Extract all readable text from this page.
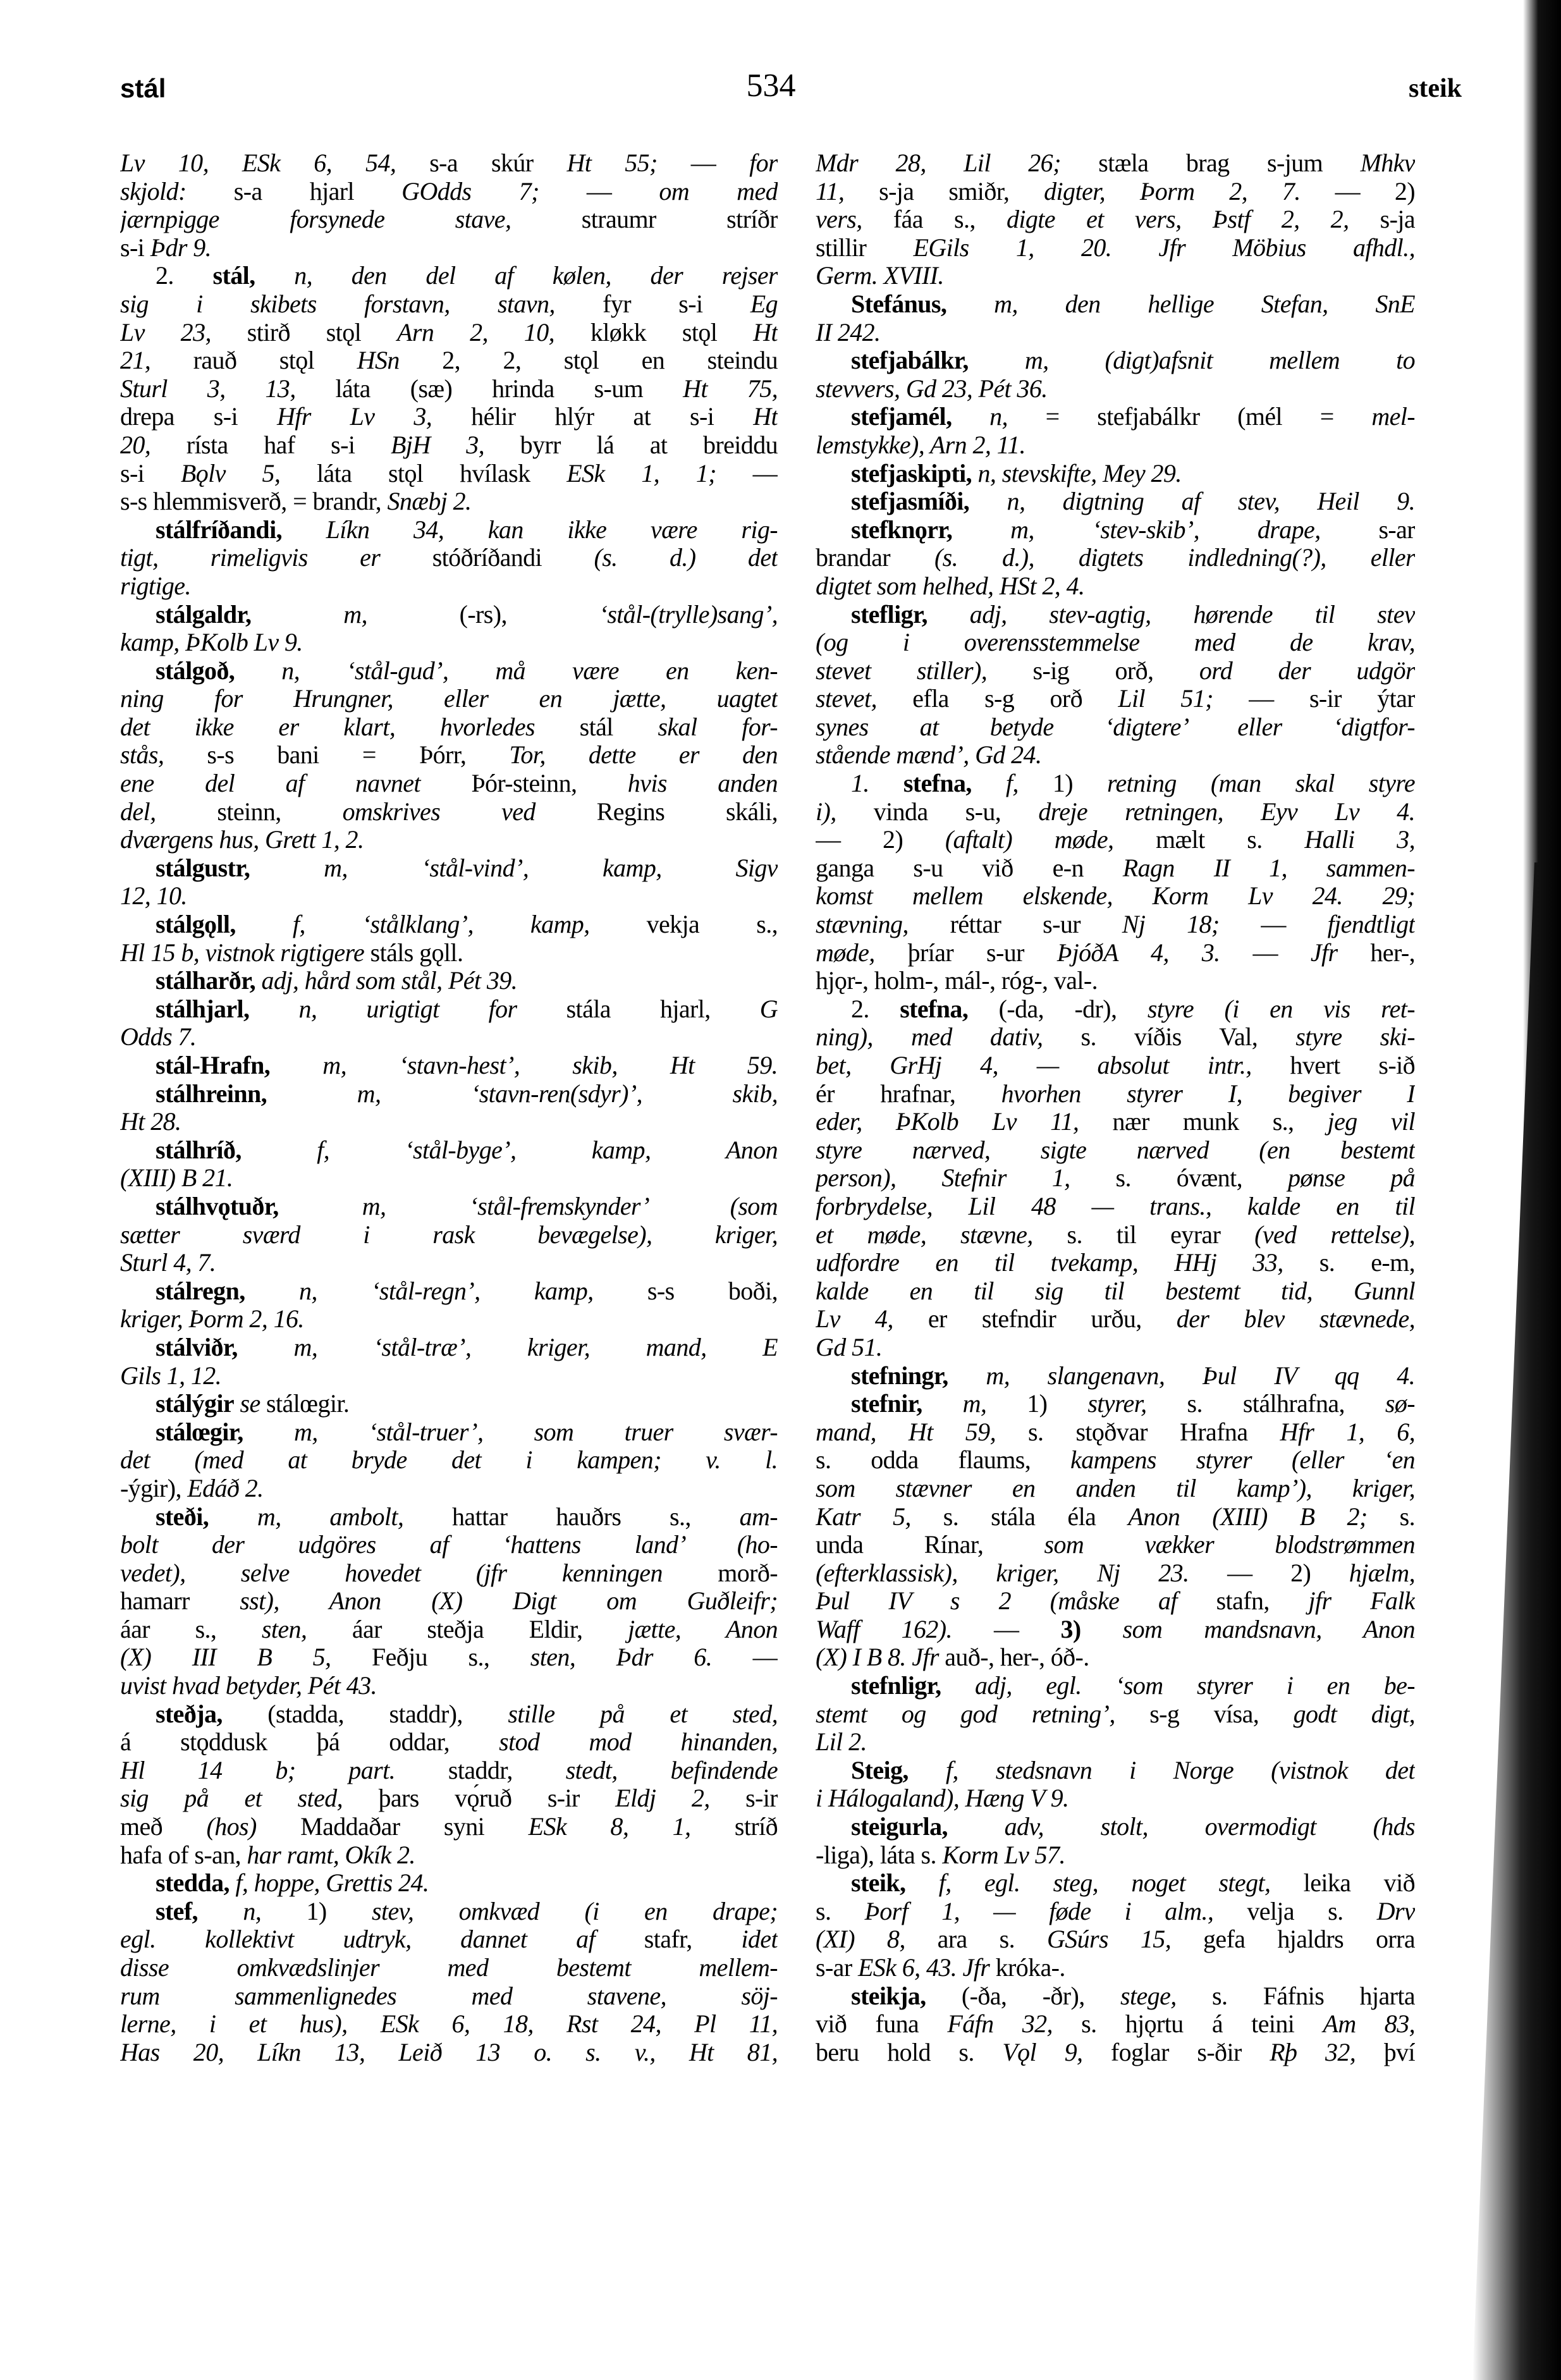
stál	534	steik
Lv 10, ESk 6, 54, s-a skúr Ht 55; — for
skjold: s-a hjarl GOdds 7; — om med
jærnpigge forsynede stave, straumr stríðr
s-i Þdr 9.
2. stál, n, den del af kølen, der rejser
sig i skibets forstavn, stavn, fyr s-i Eg
Lv 23, stirð stǫl Arn 2, 10, kløkk stǫl Ht
21, rauð stǫl HSn 2, 2, stǫl en steindu
Sturl 3, 13, láta (sæ) hrinda s-um Ht 75,
drepa s-i Hfr Lv 3, hélir hlýr at s-i Ht
20, rísta haf s-i BjH 3, byrr lá at breiddu
s-i Bǫlv 5, láta stǫl hvílask ESk 1, 1; —
s-s hlemmisverð, = brandr, Snæbj 2.
stálfríðandi, Líkn 34, kan ikke være rig-
tigt, rimeligvis er stóðríðandi (s. d.) det
rigtige.
stálgaldr,	m, (-rs), ‘stål-(trylle)sang’,
kamp, ÞKolb Lv 9.
stálgoð, n, ‘stål-gud’, må være en ken-
ning for Hrungner, eller en jætte, uagtet
det ikke er klart, hvorledes stál skal for-
stås, s-s bani = Þórr, Tor, dette er den
ene del af navnet Þór-steinn, hvis anden
del, steinn, omskrives ved Regins skáli,
dværgens hus, Grett 1, 2.
stálgustr,	m, ‘stål-vind’, kamp, Sigv
12, 10.
stálgǫll, f, ‘stålklang’, kamp, vekja s.,
Hl 15 b, vistnok rigtigere stáls gǫll.
stálharðr, adj, hård som stål, Pét 39.
stálhjarl, n, urigtigt for stála hjarl, G
Odds 7.
stál-Hrafn, m, ‘stavn-hest’, skib, Ht 59.
stálhreinn,	m, ‘stavn-ren(sdyr)’, skib,
Ht 28.
stálhríð,	f, ‘stål-byge’, kamp, Anon
(XIII) B 21.
stálhvǫtuðr,	m, ‘stål-fremskynder’ (som
sætter sværd i rask bevægelse), kriger,
Sturl 4, 7.
stálregn, n, ‘stål-regn’, kamp, s-s boði,
kriger, Þorm 2, 16.
stálviðr, m, ‘stål-træ’, kriger, mand, E
Gils 1, 12.
stálýgir se stálœgir.
stálœgir, m, ‘stål-truer’, som truer svær-
det (med at bryde det i kampen; v. l.
-ýgir), Edáð 2.
steði, m, ambolt, hattar hauðrs s., am-
bolt der udgöres af ‘hattens land’ (ho-
vedet), selve hovedet (jfr kenningen morð-
hamarr sst), Anon (X) Digt om Guðleifr;
áar s., sten, áar steðja Eldir, jætte, Anon
(X) III B 5, Feðju s., sten, Þdr 6. —
uvist hvad betyder, Pét 43.
steðja, (stadda, staddr), stille på et sted,
á stǫddusk þá oddar, stod mod hinanden,
Hl 14 b; part. staddr, stedt, befindende
sig på et sted, þars vǫ́ruð s-ir Eldj 2, s-ir
með (hos) Maddaðar syni ESk 8, 1, stríð
hafa of s-an, har ramt, Okík 2.
stedda, f, hoppe, Grettis 24.
stef, n, 1) stev, omkvæd (i en drape;
egl. kollektivt udtryk, dannet af stafr, idet
disse omkvædslinjer med bestemt mellem-
rum sammenlignedes med stavene, söj-
lerne, i et hus), ESk 6, 18, Rst 24, Pl 11,
Has 20, Líkn 13, Leið 13 o. s. v., Ht 81,
Mdr 28, Lil 26; stæla brag s-jum Mhkv
11, s-ja smiðr, digter, Þorm 2, 7. — 2)
vers, fáa s., digte et vers, Þstf 2, 2, s-ja
stillir EGils 1, 20. Jfr Möbius afhdl.,
Germ. XVIII.
Stefánus, m, den hellige Stefan, SnE
II 242.
stefjabálkr, m, (digt)afsnit mellem to
stevvers, Gd 23, Pét 36.
stefjamél, n, = stefjabálkr (mél = mel-
lemstykke), Arn 2, 11.
stefjaskipti, n, stevskifte, Mey 29.
stefjasmíði, n, digtning af stev, Heil 9.
stefknǫrr, m, ‘stev-skib’, drape, s-ar
brandar (s. d.), digtets indledning(?), eller
digtet som helhed, HSt 2, 4.
stefligr, adj, stev-agtig, hørende til stev
(og i overensstemmelse med de krav,
stevet stiller), s-ig orð, ord der udgör
stevet, efla s-g orð Lil 51; — s-ir ýtar
synes at betyde ‘digtere’ eller ‘digtfor-
stående mænd’, Gd 24.
1. stefna, f, 1) retning (man skal styre
i), vinda s-u, dreje retningen, Eyv Lv 4.
— 2) (aftalt) møde, mælt s. Halli 3,
ganga s-u við e-n Ragn II 1, sammen-
komst mellem elskende, Korm Lv 24. 29;
stævning, réttar s-ur Nj 18; — fjendtligt
møde, þríar s-ur ÞjóðA 4, 3. — Jfr her-,
hjǫr-, holm-, mál-, róg-, val-.
2. stefna, (-da, -dr), styre (i en vis ret-
ning), med dativ, s. víðis Val, styre ski-
bet, GrHj 4, — absolut intr., hvert s-ið
ér hrafnar, hvorhen styrer I, begiver I
eder, ÞKolb Lv 11, nær munk s., jeg vil
styre nærved, sigte nærved (en bestemt
person), Stefnir 1, s. óvænt, pønse på
forbrydelse, Lil 48 — trans., kalde en til
et møde, stævne, s. til eyrar (ved rettelse),
udfordre en til tvekamp, HHj 33, s. e-m,
kalde en til sig til bestemt tid, Gunnl
Lv 4, er stefndir urðu, der blev stævnede,
Gd 51.
stefningr, m, slangenavn, Þul IV qq 4.
stefnir, m, 1) styrer, s. stálhrafna, sø-
mand, Ht 59, s. stǫðvar Hrafna Hfr 1, 6,
s. odda flaums, kampens styrer (eller ‘en
som stævner en anden til kamp’), kriger,
Katr 5, s. stála éla Anon (XIII) B 2; s.
unda Rínar, som vækker blodstrømmen
(efterklassisk), kriger, Nj 23. — 2) hjælm,
Þul IV s 2 (måske af stafn, jfr Falk
Waff 162). — 3) som mandsnavn, Anon
(X) I B 8. Jfr auð-, her-, óð-.
stefnligr, adj, egl. ‘som styrer i en be-
stemt og god retning’, s-g vísa, godt digt,
Lil 2.
Steig, f, stedsnavn i Norge (vistnok det
i Hálogaland), Hæng V 9.
steigurla, adv, stolt, overmodigt (hds
-liga), láta s. Korm Lv 57.
steik, f, egl. steg, noget stegt, leika við
s. Þorf 1, — føde i alm., velja s. Drv
(XI) 8, ara s. GSúrs 15, gefa hjaldrs orra
s-ar ESk 6, 43. Jfr króka-.
steikja, (-ða, -ðr), stege, s. Fáfnis hjarta
við funa Fáfn 32, s. hjǫrtu á teini Am 83,
beru hold s. Vǫl 9, foglar s-ðir Rþ 32, því
